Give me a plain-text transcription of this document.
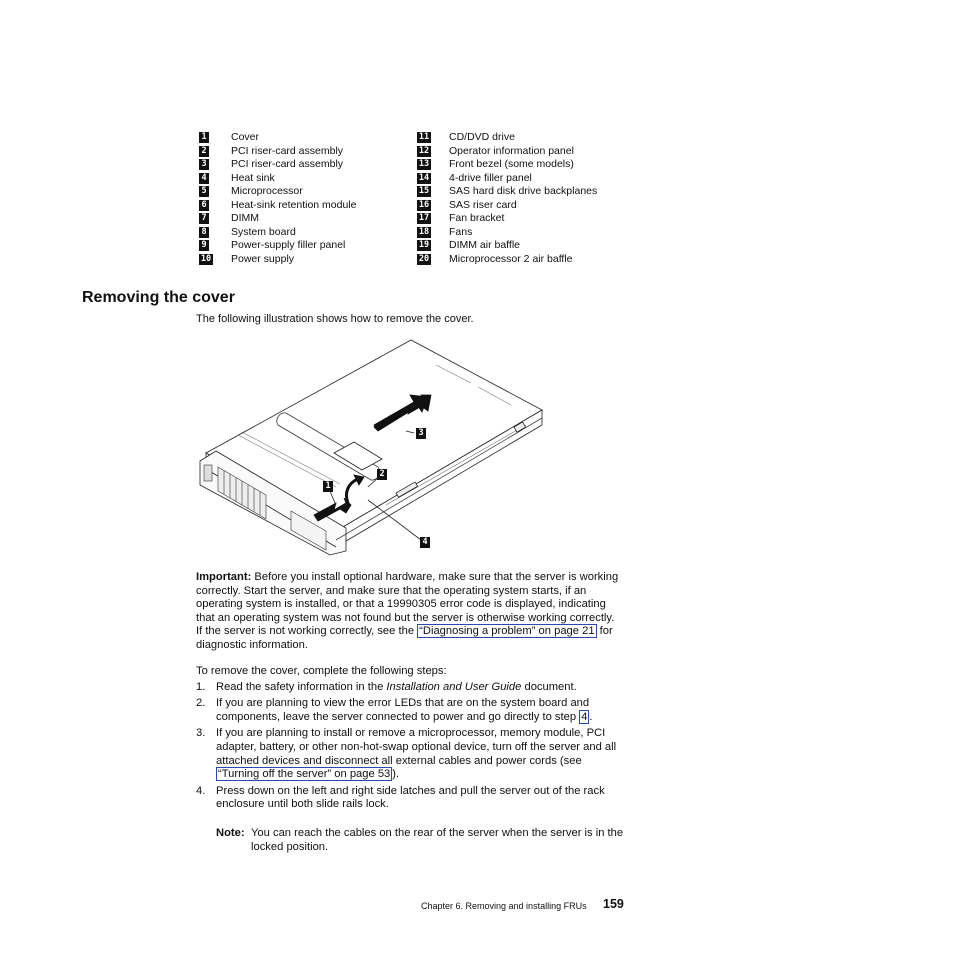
1 Cover
2 PCI riser-card assembly
3 PCI riser-card assembly
4 Heat sink
5 Microprocessor
6 Heat-sink retention module
7 DIMM
8 System board
9 Power-supply filler panel
10 Power supply
11 CD/DVD drive
12 Operator information panel
13 Front bezel (some models)
14 4-drive filler panel
15 SAS hard disk drive backplanes
16 SAS riser card
17 Fan bracket
18 Fans
19 DIMM air baffle
20 Microprocessor 2 air baffle
Removing the cover

The following illustration shows how to remove the cover.

1
2
3
4

Important: Before you install optional hardware, make sure that the server is working correctly. Start the server, and make sure that the operating system starts, if an operating system is installed, or that a 19990305 error code is displayed, indicating that an operating system was not found but the server is otherwise working correctly. If the server is not working correctly, see the “Diagnosing a problem” on page 21 for diagnostic information.

To remove the cover, complete the following steps:

1. Read the safety information in the Installation and User Guide document.
2. If you are planning to view the error LEDs that are on the system board and components, leave the server connected to power and go directly to step 4 .
3. If you are planning to install or remove a microprocessor, memory module, PCI adapter, battery, or other non-hot-swap optional device, turn off the server and all attached devices and disconnect all external cables and power cords (see “Turning off the server” on page 53 ).
4. Press down on the left and right side latches and pull the server out of the rack enclosure until both slide rails lock.
Note: You can reach the cables on the rear of the server when the server is in the locked position.
Chapter 6. Removing and installing FRUs 159
